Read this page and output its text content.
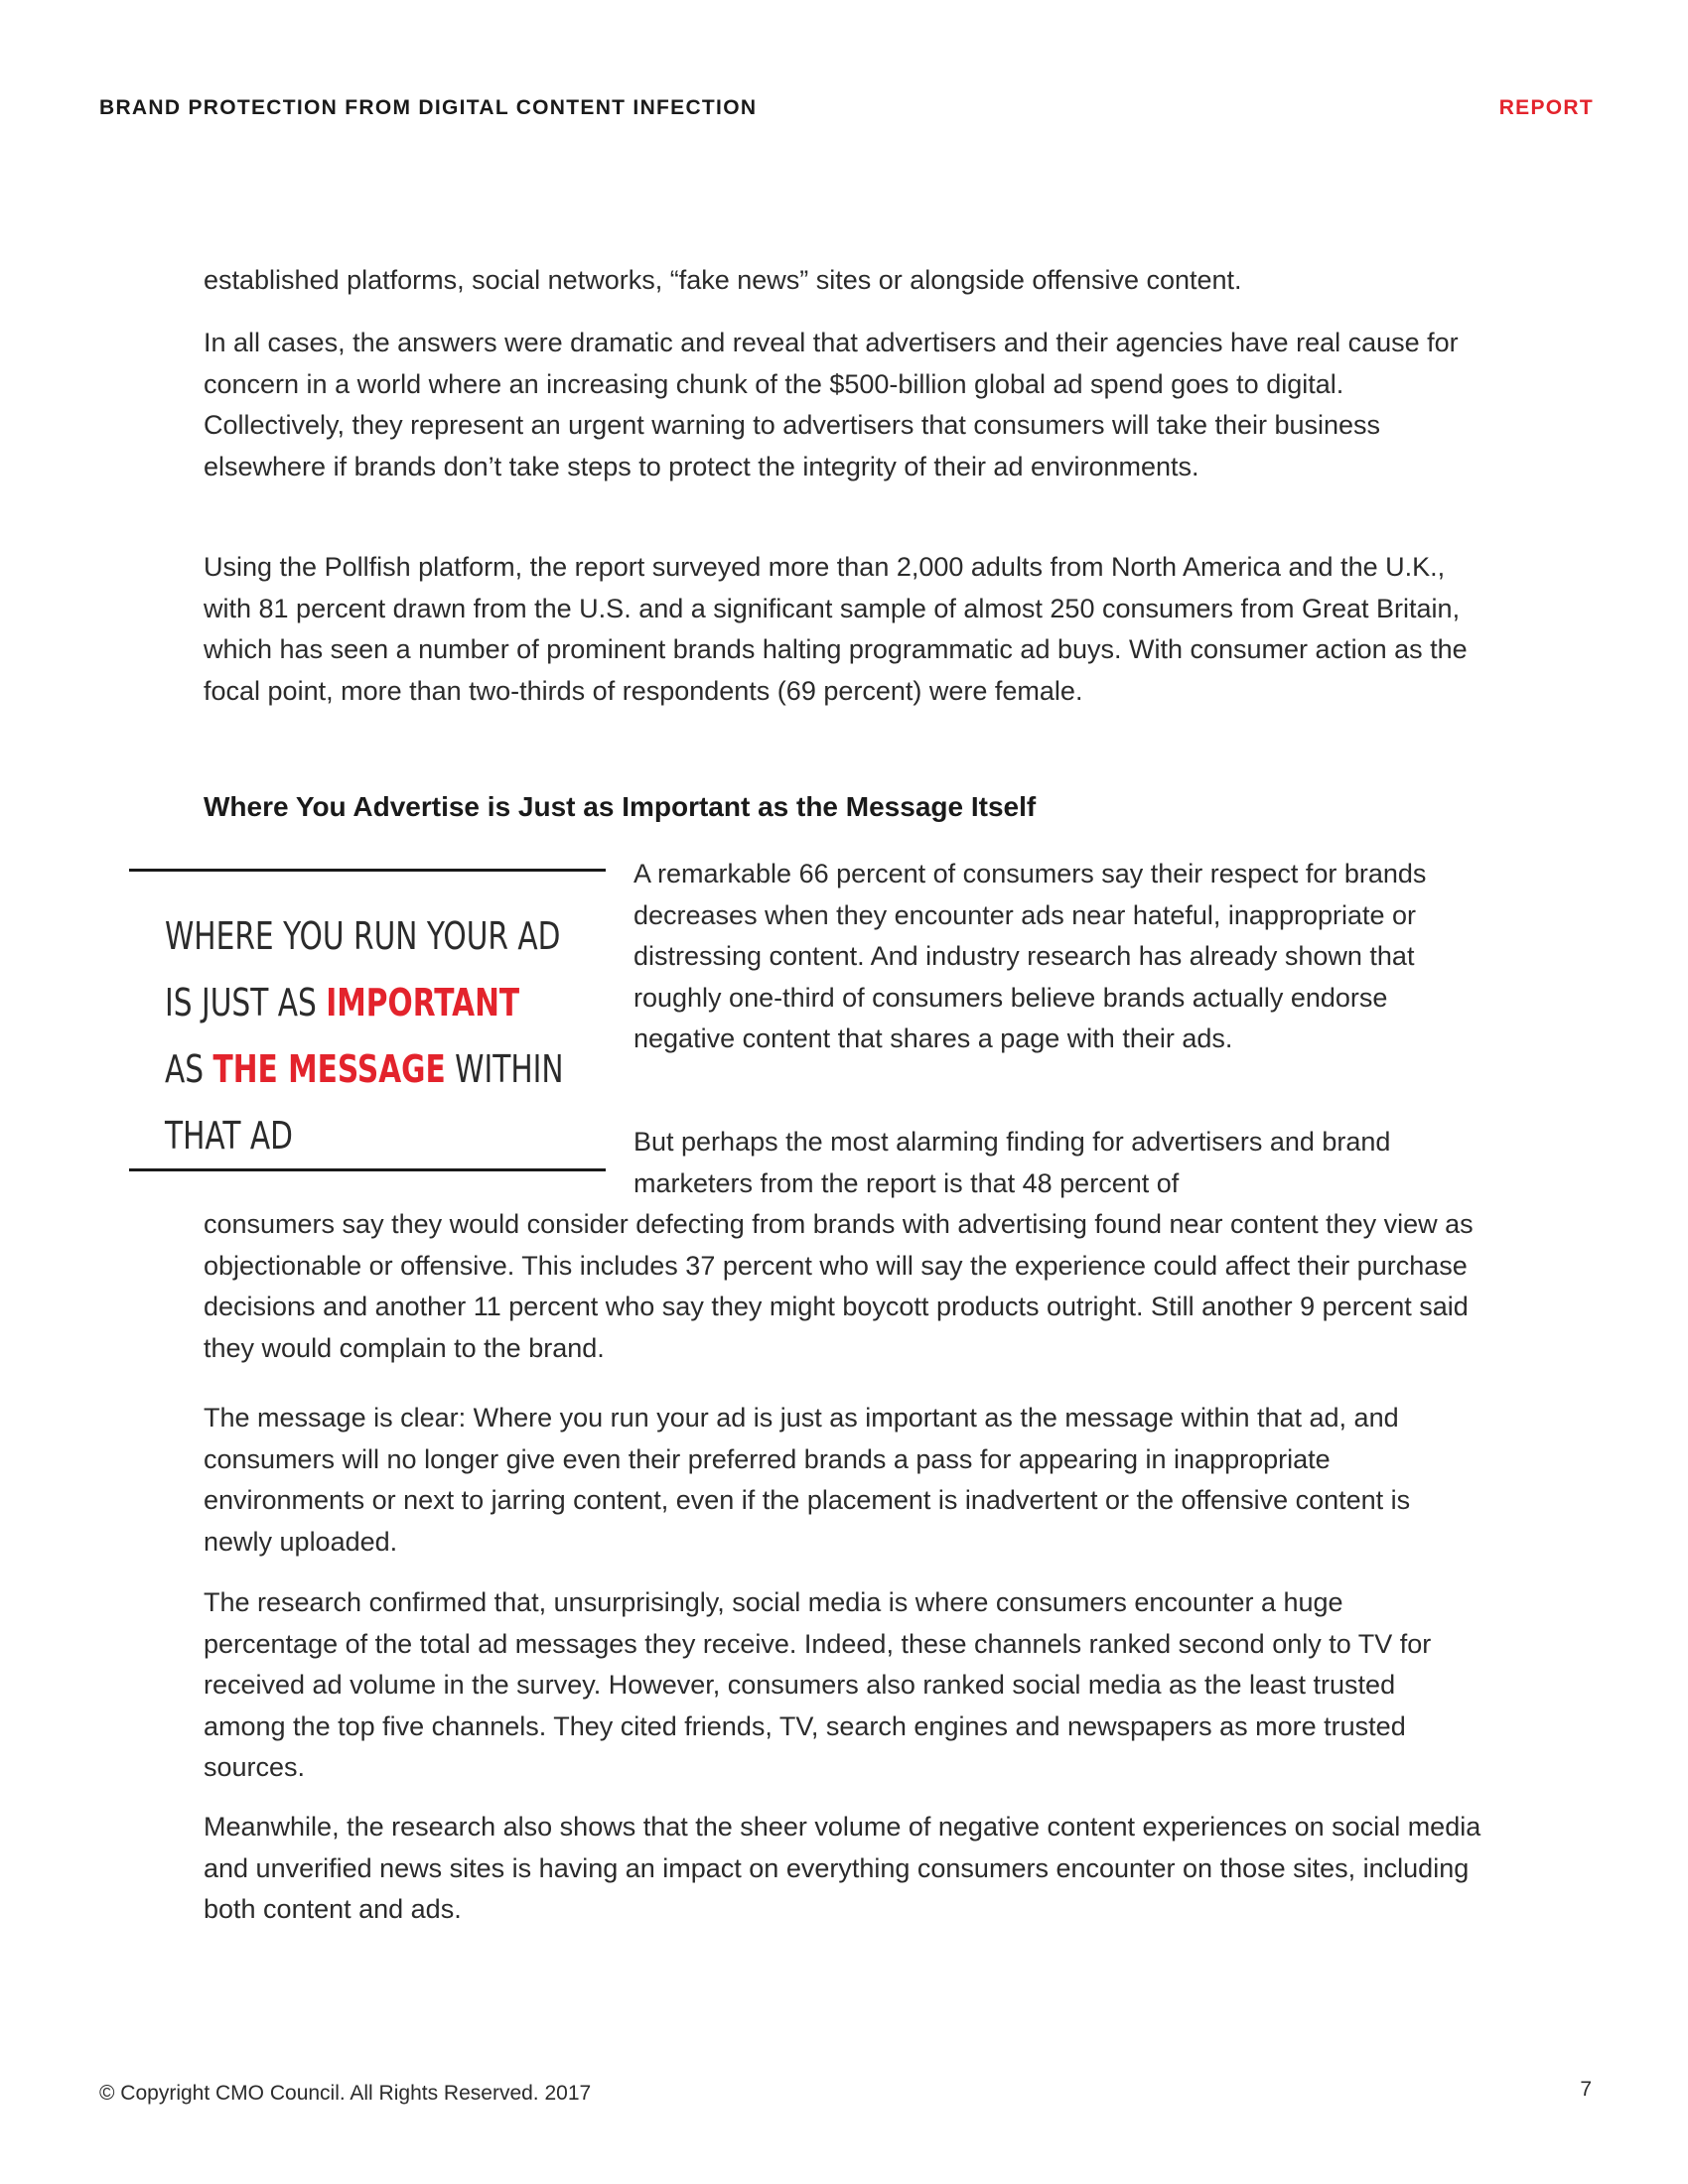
BRAND PROTECTION FROM DIGITAL CONTENT INFECTION	REPORT

established platforms, social networks, “fake news” sites or alongside offensive content.

In all cases, the answers were dramatic and reveal that advertisers and their agencies have real cause for concern in a world where an increasing chunk of the $500-billion global ad spend goes to digital. Collectively, they represent an urgent warning to advertisers that consumers will take their business elsewhere if brands don’t take steps to protect the integrity of their ad environments.

Using the Pollfish platform, the report surveyed more than 2,000 adults from North America and the U.K., with 81 percent drawn from the U.S. and a significant sample of almost 250 consumers from Great Britain, which has seen a number of prominent brands halting programmatic ad buys. With consumer action as the focal point, more than two-thirds of respondents (69 percent) were female.

Where You Advertise is Just as Important as the Message Itself
WHERE YOU RUN YOUR AD
IS JUST AS IMPORTANT
AS THE MESSAGE WITHIN
THAT AD

A remarkable 66 percent of consumers say their respect for brands decreases when they encounter ads near hateful, inappropriate or distressing content. And industry research has already shown that roughly one-third of consumers believe brands actually endorse negative content that shares a page with their ads.

But perhaps the most alarming finding for advertisers and brand marketers from the report is that 48 percent of

consumers say they would consider defecting from brands with advertising found near content they view as objectionable or offensive. This includes 37 percent who will say the experience could affect their purchase decisions and another 11 percent who say they might boycott products outright. Still another 9 percent said they would complain to the brand.

The message is clear: Where you run your ad is just as important as the message within that ad, and consumers will no longer give even their preferred brands a pass for appearing in inappropriate environments or next to jarring content, even if the placement is inadvertent or the offensive content is newly uploaded.

The research confirmed that, unsurprisingly, social media is where consumers encounter a huge percentage of the total ad messages they receive. Indeed, these channels ranked second only to TV for received ad volume in the survey. However, consumers also ranked social media as the least trusted among the top five channels. They cited friends, TV, search engines and newspapers as more trusted sources.

Meanwhile, the research also shows that the sheer volume of negative content experiences on social media and unverified news sites is having an impact on everything consumers encounter on those sites, including both content and ads.

© Copyright CMO Council. All Rights Reserved. 2017	7
